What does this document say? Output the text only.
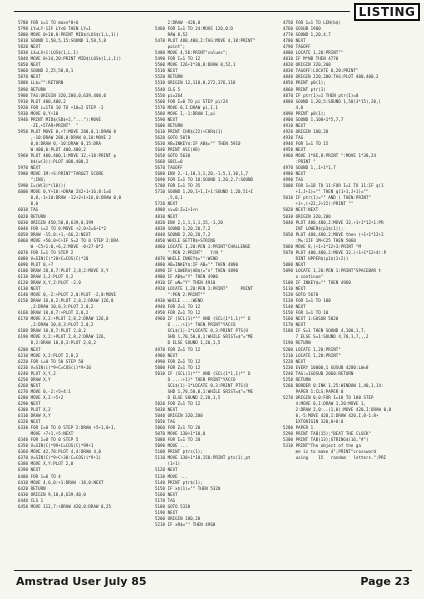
LISTING
5780 FOR z=1 TO maxn*8+6
5790 LY=LY-1IF LY<0 THEN LY=1
5800 MOVE 0+30,8:PRINT MID$(LOS$(1,L,1))
5810 SOUND 1,50,5,15:SOUND 1,50,5,8
5820 NEXT
5830 LX=LX+1:LOS$(1,L,1)
5840 MOVE 0+34,20:PRINT MID$(LOS$(1,L,1))
5850 NEXT
5860 SOUND 2,25,50,8,1
5870 NEXT
5880 LL$="":RETURN
5890 RETURN
5900 TAG:ORIGIN 320,200,0,639,400,0
5910 PLOT 400,400,2
5920 FOR i=1TO 10 TO +10=2 STEP -2
5930 MOVE 0,Y+10
5940 PRINT MID$(SD$+2,"..."):MOVE
-ZE,+5TAR+PRINT"  "
5950 PLOT MOVE 0,+7:MOVE 280,0,1:DRAW 0
,-10:DRAW 280,0:DRAW 0,10:MOVE 2
0,0:DRAW 0,-10:DRAW 0,15:DRA
W 400,0:PLOT 400,400,2
5960 PLOT 400,400,1:MOVE 32,+10:PRINT p
b$(w(3)):PLOT 400,400,2
5970 NEXT
5980 MOVE 1M:+S:PRINT"TARGET SCORE
";INS;
5990 I=(W(3)*(10)))
6000 MOVE 0,Y+10:+DRAW 242+1+16,0:1=6
0,0,-1+10:DRAW -12+2+1+16,0:DRAW 0,0
0,0
6010 TAG
6020 RETURN
6030 ORIGIN 450,50,0,639,0,399
6040 FOR i=2 TO 0:MOVE +2,0+2=6+1*2
6050 DRAW -15,0:+1,-66,2:NEXT
6060 MOVE +50,0+C+IF S=2 TO 0 STEP 2:DRA
W -C5+1:0,+6,2:MOVE -0+27-0*2
6070 FOR I=1 TO STEP 2
6080 V=SIN(C)*20+C=COS(C)*20
6090 PLOT 0,+7
6100 DRAW 20,8,7:PLOT 2,8,2:MOVE X,Y
6110 DRAW 3,2:PLOT X,2
6120 DRAW X,Y,2:PLOT -2,0
6130 NEXT
6140 MOVE 0,-2:+PLOT 2,0:PLOT -2,0:MOVE
6150 DRAW 10,0,2:PLOT 2,8,2:DRAW 126,8
,2:DRAW 10,0,3:PLOT 2,0,2
6160 DRAW 10,8,7:+PLOT 2,8,2
6170 MOVE X,2:+PLOT 2,8,2:DRAW 126,0
,2:DRAW 10,8,3:PLOT 2,0,2
6180 DRAW 10,8,7:PLOT 2,0,2
6190 MOVE X,2:+PLOT 2,8,2:DRAW 126,
8,2:DRAW 10,8,3:PLOT 2,0,2
6200 NEXT
6210 MOVE X,2:PLOT 2,8,2
6220 FOR i=0 TO 50 STEP 50
6230 V=SIN(i)*9+C=COS(i)*9+10
6240 PLOT X,Y,2
6250 DRAW X,Y
6260 NEXT
6270 MOVE 0,-2:+5+4:1
6280 MOVE X,2:+5+2
6290 NEXT
6300 PLOT X,2
6310 DRAW X,Y
6320 NEXT
6330 FOR I=0 TO 0 STEP 2:DRAW +5+1,0+I,
MOVE +7+1,+5:NEXT
6340 FOR 1=0 TO 0 STEP 5
6350 V=SIN(C)*99+C=COS(C)*99+1
6360 MOVE 42,78:PLOT 4,4:DRAW 4,0
6370 V=SIN(C)*9+C+30:C=COS(i*9+1)
6380 MOVE X,Y:PLOT 2,0
6390 NEXT
6400 FOR 1=0 TO 4
6410 MOVE 4,6,0:+1:DRAW -18,0:NEXT
6420 RETURN
6430 ORIGIN 9,10,0,639,40,0
6440 CLS 1
6450 MOVE 112,7:+DRAW 420,0:DRAW 0,25
2:DRAW -420,0
5460 FOR I=1 TO 24:MOVE 120,0:D
RAW 8,52
5470 PLOT 480,400,2:TAG:MOVE 4,18:PRINT"
point";
5480 MOVE 4,56:PRINT"values";
5490 FOR I=1 TO 12
5500 MOVE 126+I*30,8:DRAW 0,52,1
5510 NEXT
5520 RETURN
5530 ORIGIN 12,118,0,272,376,118
5540 CLS 5
5550 pi=264
5560 FOR I=0 TO pi STEP pi/24
5570 MOVE 0,I:DRAW pi,I,1
5580 MOVE I,-1:DRAW I,pi
5590 NEXT
5600 RETURN
5610 PRINT CHR$(22)+CHR$(1)
5620 GOTO 5070
5630 AB=INKEY$:IF AB$="" THEN 5910
5640 PRINT ASC(AB)
5650 GOTO 5630
5660 SBCL=0
5670 TAGOFF
5680 ENV 2,-1,10,1,1,20,-1,5,1,10,1,7
5690 FOR I=1 TO 10:SOUND 1,20,2,7:SOUND
5700 FOR I=1 TO 35
5710 SOUND 1,20,I+1,I+1:SOUND 1,20,51+I
,5,0,1
5720 NEXT
4800 sv=0:Z=1+1+n
4810 NEXT
4820 ENV 2,1,1,1,1,15,-1,20
4830 SOUND 1,20,20,7,2
4840 SOUND 2,20,20,7,2
4850 WHILE GETTR$+STRING
4860 LOCATE 1,20:PEN 1:PRINT"CHALLENGE
":PEN 2:PRINT"   Y/N "
4870 WHILE INKEY$="":WEND
4880 AB=INKEY$:IF AB="" THEN 4880
4890 IF LOWER$(AB$)="n" THEN 4890
4900 IF AB$="Y" THEN 4900
4910 IF wN="Y" THEN 4910
4920 LOCATE 1,20:PEN 1:PRINT"     POINT
":PEN 2:PRINT""
4930 WHILE ...:WEND
4940 FOR Z=1 TO 12
4950 FOR Z=1 TO 12
4960 IF (SCL(1)*"" AND (SCL(1*1,1)*" D
O ...:+1)* THEN PRINT"YACCO
SCL$(1)-1*LOCATE 0,3:PRINT PTS(O
SHD 1,70,50,0,1:WHILE SRIST=$"="ME
D ELSE SOUND 1,20,1,5
4970 FOR Z=1 TO 12
4980 NEXT
4990 FOR Z=1 TO 12
5000 FOR Z=1 TO 12
5010 IF (SCL(1)*"" AND (SCL(1*1,1)*" D
O ...:+1)* THEN PRINT"YACCO
SCL$(1)-1*LOCATE 0,3:PRINT PTS(O
SHD 1,70,50,0,1:WHILE SRIST=$"="ME
D ELSE SOUND 2,20,1,5
5020 FOR Z=1 TO 12
5030 NEXT
5040 ORIGIN 320,200
5050 TAG
5060 FOR Z=1 TO 20
5070 MOVE 130+1*10,0
5080 FOR I=1 TO 20
5090 MOVE ...
5100 PRINT ptrs(1);
5110 MOVE 130+1*10,150:PRINT pts(1),pt
(1+1)
5120 NEXT
5130 MOVE ...
5140 PRINT ptr$(1);
5150 IF x$(1)="" THEN 5320
5160 NEXT
5170 TAG
5180 GOTO 5320
5190 NEXT
5200 ORIGIN 180,20
5210 IF xR$="" THEN 4960
4750 FOR 1=1 TO LEN(b$)
4760 GOSUB 1980
4770 SOUND 1,20,4,7
4780 NEXT
4790 TAGOFF
4800 LOCATE 1,20:PRINT""
4810 IF M*NB THEN 4770
4820 ORIGIN 320,200
4830 TAGOFF:LOCATE 0,20:PRINT"
4840 ORIGIN 220,200:TAG:PLOT 400,400,2
4850 PRINT p0(1);
4860 PRINT ptr(1)
4870 IF ptr(1)=1 THEN ptr(1)=0
4880 SOUND 1,20,5:SOUND 1,50(3*15),20,(
4,0
4890 PRINT p0(1);
4900 SOUND 1,100+1*5,7,7
4910 NEXT
4920 ORIGIN 180,20
4930 TAG
4940 FOR 1=1 TO 15
4950 NEXT
4960 MOVE 1*8E,8:PRINT ":MOVE 1*38,24
:PRINT "
4970 SOUND 1,,1+1*1,7
4980 NEXT
4990 TAG
5000 FOR 1=1B TO 11:FOR I=1 TO 11:IF q(1
+1,J+1)="" THEN q(1+1,J+1)=""
5010 IF ptr(1)="" AND ( THEN:PRINT"
+1+,(+22,J+22):PRINT ""
5020 NEXT:NEXT
5030 ORIGIN 320,200
5040 PLOT 480,480,2:MOVE 32,+1+1*12+1:PR
INT LOWER$(p1$(1));
5050 PLOT 480,480,2:MOVE then (+1+1*12+2
:M=:1IF 1M+C25 THEN 5060
5060 MOVE 8,(+1+1*12+3:PRINT "M
5070 PLOT 480,480,2:MOVE 32,(+1+1*12+4):P
RINT UPPER$(p1$(1+2))
5080 NEXT
5090 LOCATE 1,20:PEN 1:PRINT"SPACEBAR t
o continue"
5100 IF INKEY$="" THEN 4960
5110 NEXT
5120 GOTO 5670
5130 FOR 1=1 TO 100
5140 NEXT
5150 FOR 1=1 TO 10
5160 NEXT 1:GOSUB 5020
5170 NEXT
5180 IF S=1 THEN SOUND 4,100,1,7,
7 ELSE S=1:SOUND 4,70,1,7,,,2
5190 RETURN
5200 LOCATE 1,20:PRINT"
5210 LOCATE 1,20:PRINT"
5220 NEXT
5230 EVERY 10000,1 GOSUB 4280:LW=8
5240 TAG:=1GOSUB 2060:RETURN
5250 RETURN
5260 BORDER 0:INK 1,25:WINDOW 1,40,1,14:
PAPER 1:CLS:PAPER 0
5270 ORIGIN 0,0:FOR I=18 TO 100 STEP
4:MOVE 0,I:DRAW 1,20:MOVE 1,
2:DRAW 2,0:..(1,0):MOVE 420,I:DRAW 0,0
0,-5:MOVE 420,I:DRAW 420,I,0-1:8+
EXTORIGIN 320,8+8:0
5280 PAPER 1
5290 PRINT TAB(15);"BEAT THE CLOCK"
5300 PRINT TAB(13);STRING$(16,"#")
5310 PRINT"The object of the ga
me is to make 4";PRINT"crossword
using    15   random   letters.";PRI
Amstrad User July 85	Page 23
